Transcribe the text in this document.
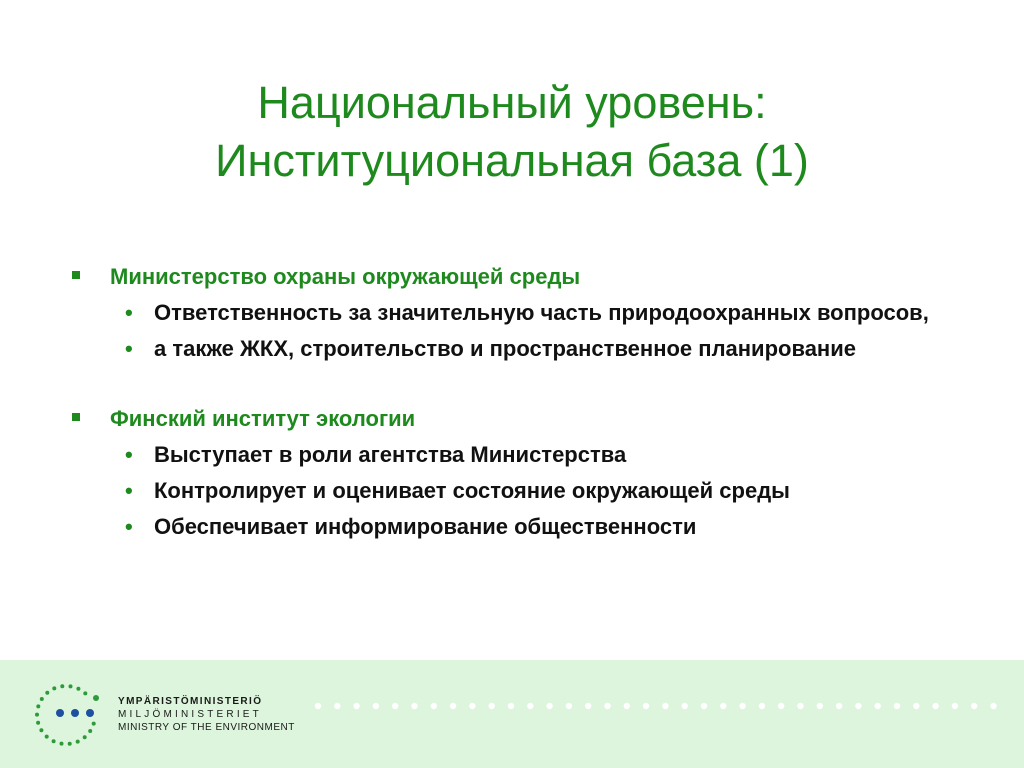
Национальный уровень:
Институциональная база (1)
Министерство охраны окружающей среды
• Ответственность за значительную часть природоохранных вопросов,
• а также ЖКХ, строительство и пространственное планирование
Финский институт экологии
• Выступает в роли агентства Министерства
• Контролирует и оценивает состояние окружающей среды
• Обеспечивает информирование общественности
YMPÄRISTÖMINISTERIÖ
MILJÖMINISTERIET
MINISTRY OF THE ENVIRONMENT
